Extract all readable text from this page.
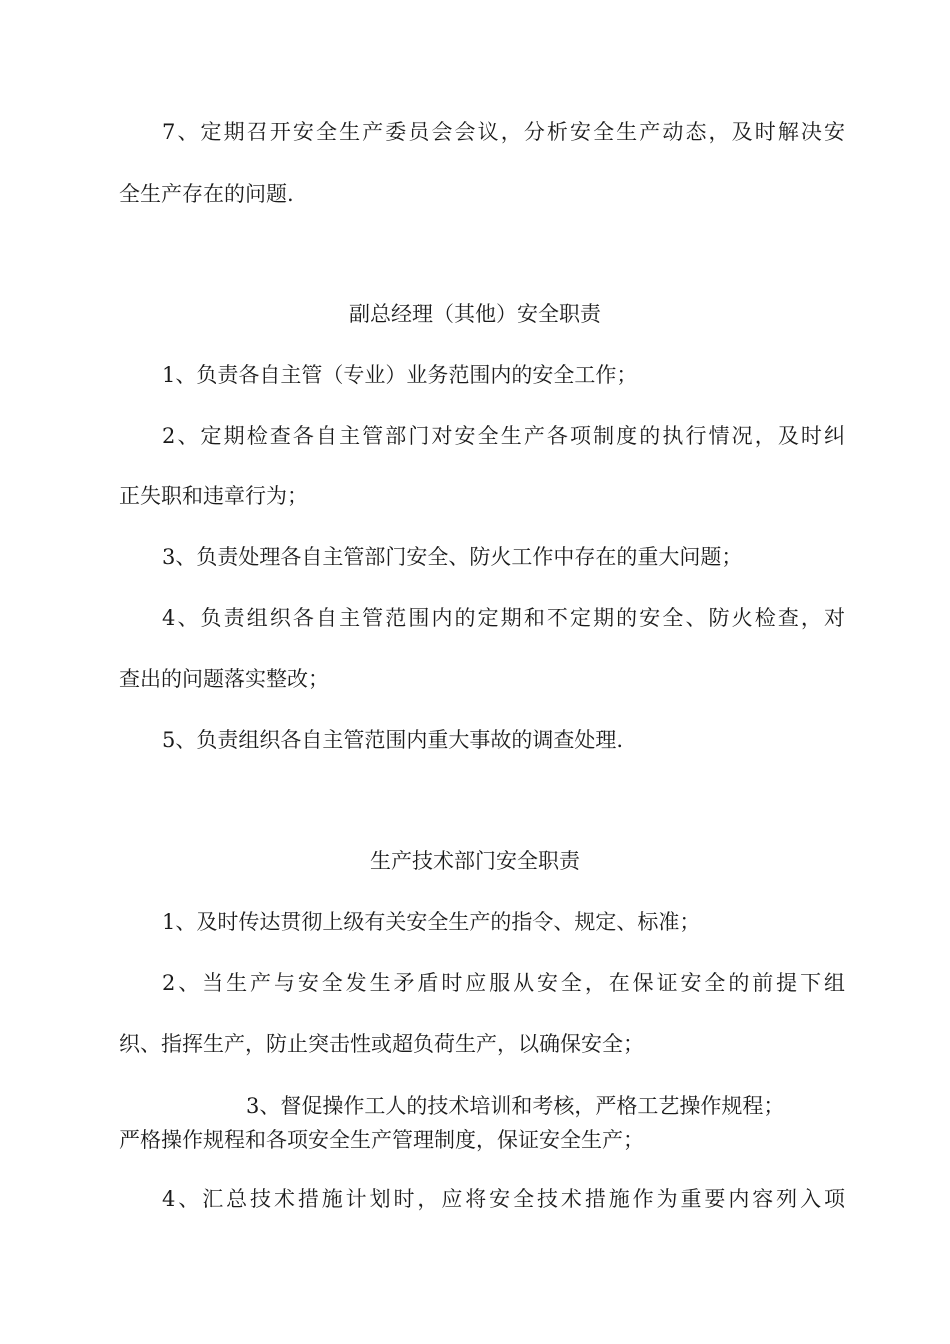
7、定期召开安全生产委员会会议，分析安全生产动态，及时解决安

全生产存在的问题.

副总经理（其他）安全职责

1、负责各自主管（专业）业务范围内的安全工作；

2、定期检查各自主管部门对安全生产各项制度的执行情况，及时纠

正失职和违章行为；

3、负责处理各自主管部门安全、防火工作中存在的重大问题；

4、负责组织各自主管范围内的定期和不定期的安全、防火检查，对

查出的问题落实整改；

5、负责组织各自主管范围内重大事故的调查处理.

生产技术部门安全职责

1、及时传达贯彻上级有关安全生产的指令、规定、标准；

2、当生产与安全发生矛盾时应服从安全，在保证安全的前提下组

织、指挥生产，防止突击性或超负荷生产，以确保安全；

3、督促操作工人的技术培训和考核，严格工艺操作规程；

严格操作规程和各项安全生产管理制度，保证安全生产；

4、汇总技术措施计划时，应将安全技术措施作为重要内容列入项
